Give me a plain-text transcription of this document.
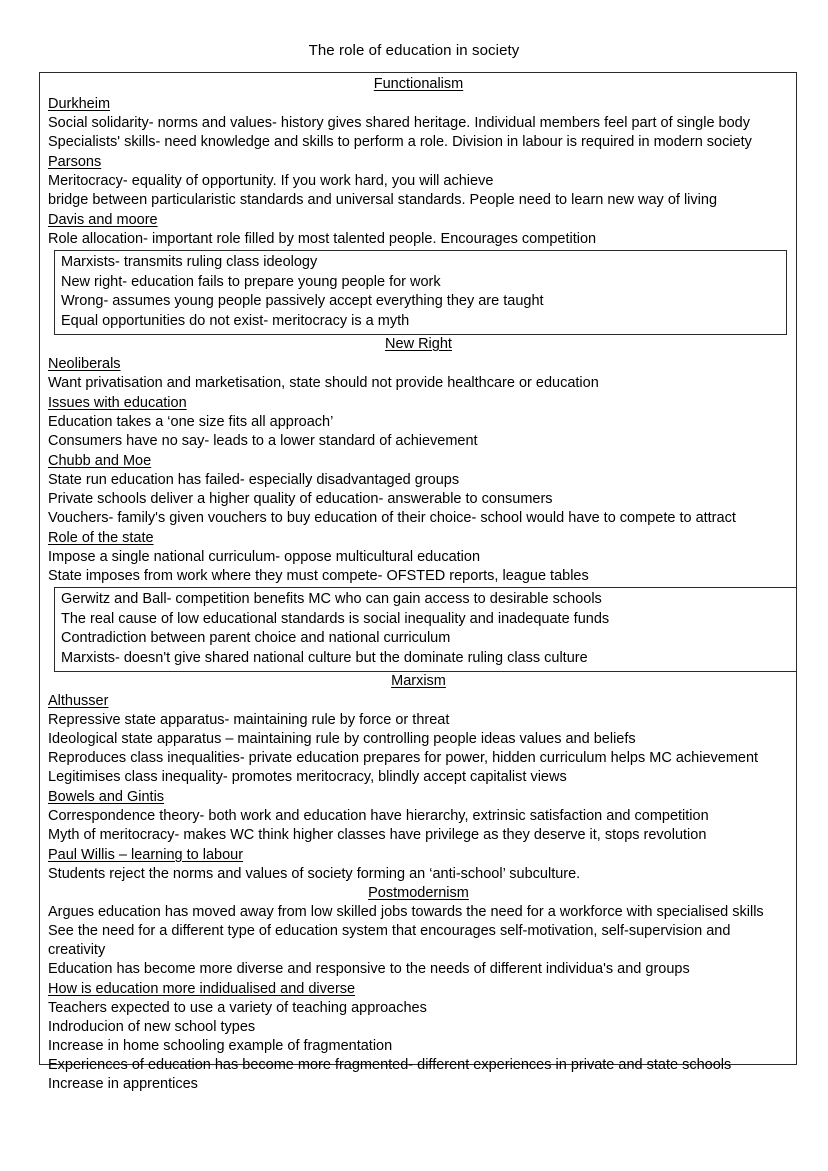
The role of education in society
Functionalism
Durkheim
Social solidarity- norms and values- history gives shared heritage. Individual members feel part of single body
Specialists' skills- need knowledge and skills to perform a role. Division in labour is required in modern society
Parsons
Meritocracy- equality of opportunity. If you work hard, you will achieve
bridge between particularistic standards and universal standards. People need to learn new way of living
Davis and moore
Role allocation- important role filled by most talented people. Encourages competition
Marxists- transmits ruling class ideology
New right- education fails to prepare young people for work
Wrong- assumes young people passively accept everything they are taught
Equal opportunities do not exist- meritocracy is a myth
New Right
Neoliberals
Want privatisation and marketisation, state should not provide healthcare or education
Issues with education
Education takes a ‘one size fits all approach’
Consumers have no say- leads to a lower standard of achievement
Chubb and Moe
State run education has failed- especially disadvantaged groups
Private schools deliver a higher quality of education- answerable to consumers
Vouchers- family's given vouchers to buy education of their choice- school would have to compete to attract
Role of the state
Impose a single national curriculum- oppose multicultural education
State imposes from work where they must compete- OFSTED reports, league tables
Gerwitz and Ball- competition benefits MC who can gain access to desirable schools
The real cause of low educational standards is social inequality and inadequate funds
Contradiction between parent choice and national curriculum
Marxists- doesn't give shared national culture but the dominate ruling class culture
Marxism
Althusser
Repressive state apparatus- maintaining rule by force or threat
Ideological state apparatus – maintaining rule by controlling people ideas values and beliefs
Reproduces class inequalities- private education prepares for power, hidden curriculum helps MC achievement
Legitimises class inequality- promotes meritocracy, blindly accept capitalist views
Bowels and Gintis
Correspondence theory- both work and education have hierarchy, extrinsic satisfaction and competition
Myth of meritocracy- makes WC think higher classes have privilege as they deserve it, stops revolution
Paul Willis – learning to labour
Students reject the norms and values of society forming an ‘anti-school’ subculture.
Postmodernism
Argues education has moved away from low skilled jobs towards the need for a workforce with specialised skills
See the need for a different type of education system that encourages self-motivation, self-supervision and creativity
Education has become more diverse and responsive to the needs of different individua's and groups
How is education more indidualised and diverse
Teachers expected to use a variety of teaching approaches
Indroducion of new school types
Increase in home schooling example of fragmentation
Experiences of education has become more fragmented- different experiences in private and state schools
Increase in apprentices
